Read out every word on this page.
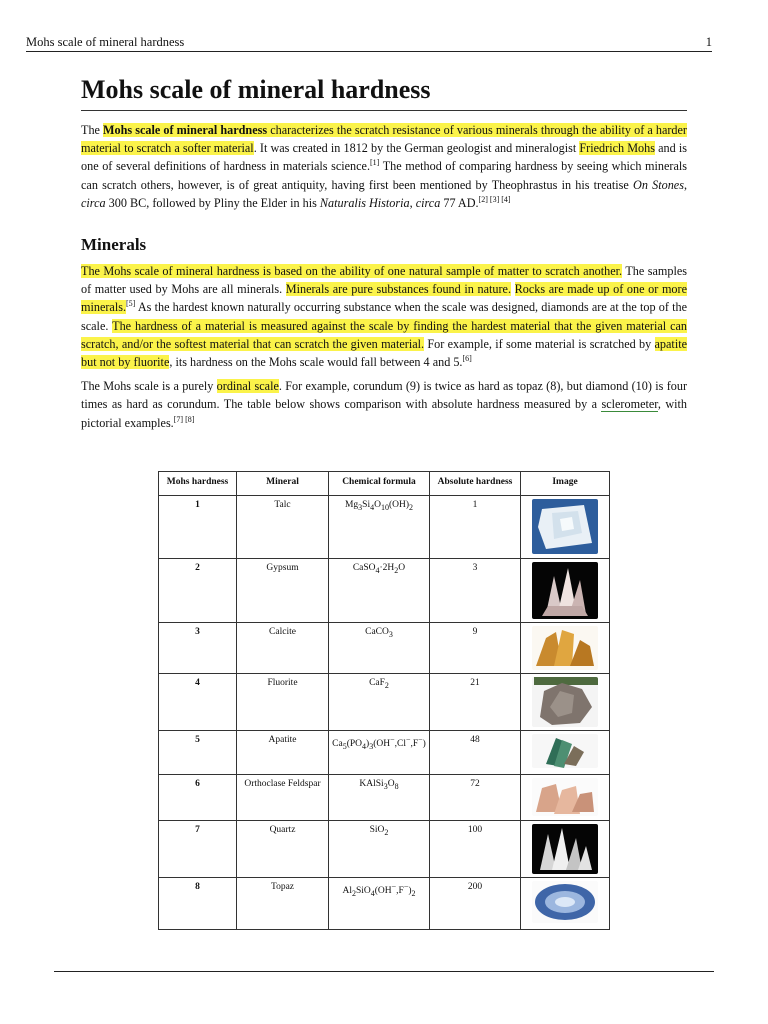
Mohs scale of mineral hardness	1
Mohs scale of mineral hardness

The Mohs scale of mineral hardness characterizes the scratch resistance of various minerals through the ability of a harder material to scratch a softer material. It was created in 1812 by the German geologist and mineralogist Friedrich Mohs and is one of several definitions of hardness in materials science.[1] The method of comparing hardness by seeing which minerals can scratch others, however, is of great antiquity, having first been mentioned by Theophrastus in his treatise On Stones, circa 300 BC, followed by Pliny the Elder in his Naturalis Historia, circa 77 AD.[2] [3] [4]

Minerals

The Mohs scale of mineral hardness is based on the ability of one natural sample of matter to scratch another. The samples of matter used by Mohs are all minerals. Minerals are pure substances found in nature. Rocks are made up of one or more minerals.[5] As the hardest known naturally occurring substance when the scale was designed, diamonds are at the top of the scale. The hardness of a material is measured against the scale by finding the hardest material that the given material can scratch, and/or the softest material that can scratch the given material. For example, if some material is scratched by apatite but not by fluorite, its hardness on the Mohs scale would fall between 4 and 5.[6]

The Mohs scale is a purely ordinal scale. For example, corundum (9) is twice as hard as topaz (8), but diamond (10) is four times as hard as corundum. The table below shows comparison with absolute hardness measured by a sclerometer, with pictorial examples.[7] [8]

Mohs hardness	Mineral	Chemical formula	Absolute hardness	Image
1	Talc	$Mg_3Si_4O_{10}(OH)_2$	1	

2	Gypsum	$CaSO_4\cdot 2H_2O$	3	

3	Calcite	CaCO$_3$	9	

4	Fluorite	CaF$_2$	21	

5	Apatite	$Ca_5(PO_4)_3(OH^-,Cl^-,F^-)$	48	

6	Orthoclase Feldspar	$KAlSi_3O_8$	72	

7	Quartz	SiO$_2$	100	

8	Topaz	$Al_2SiO_4(OH^-,F^-)_2$	200	
